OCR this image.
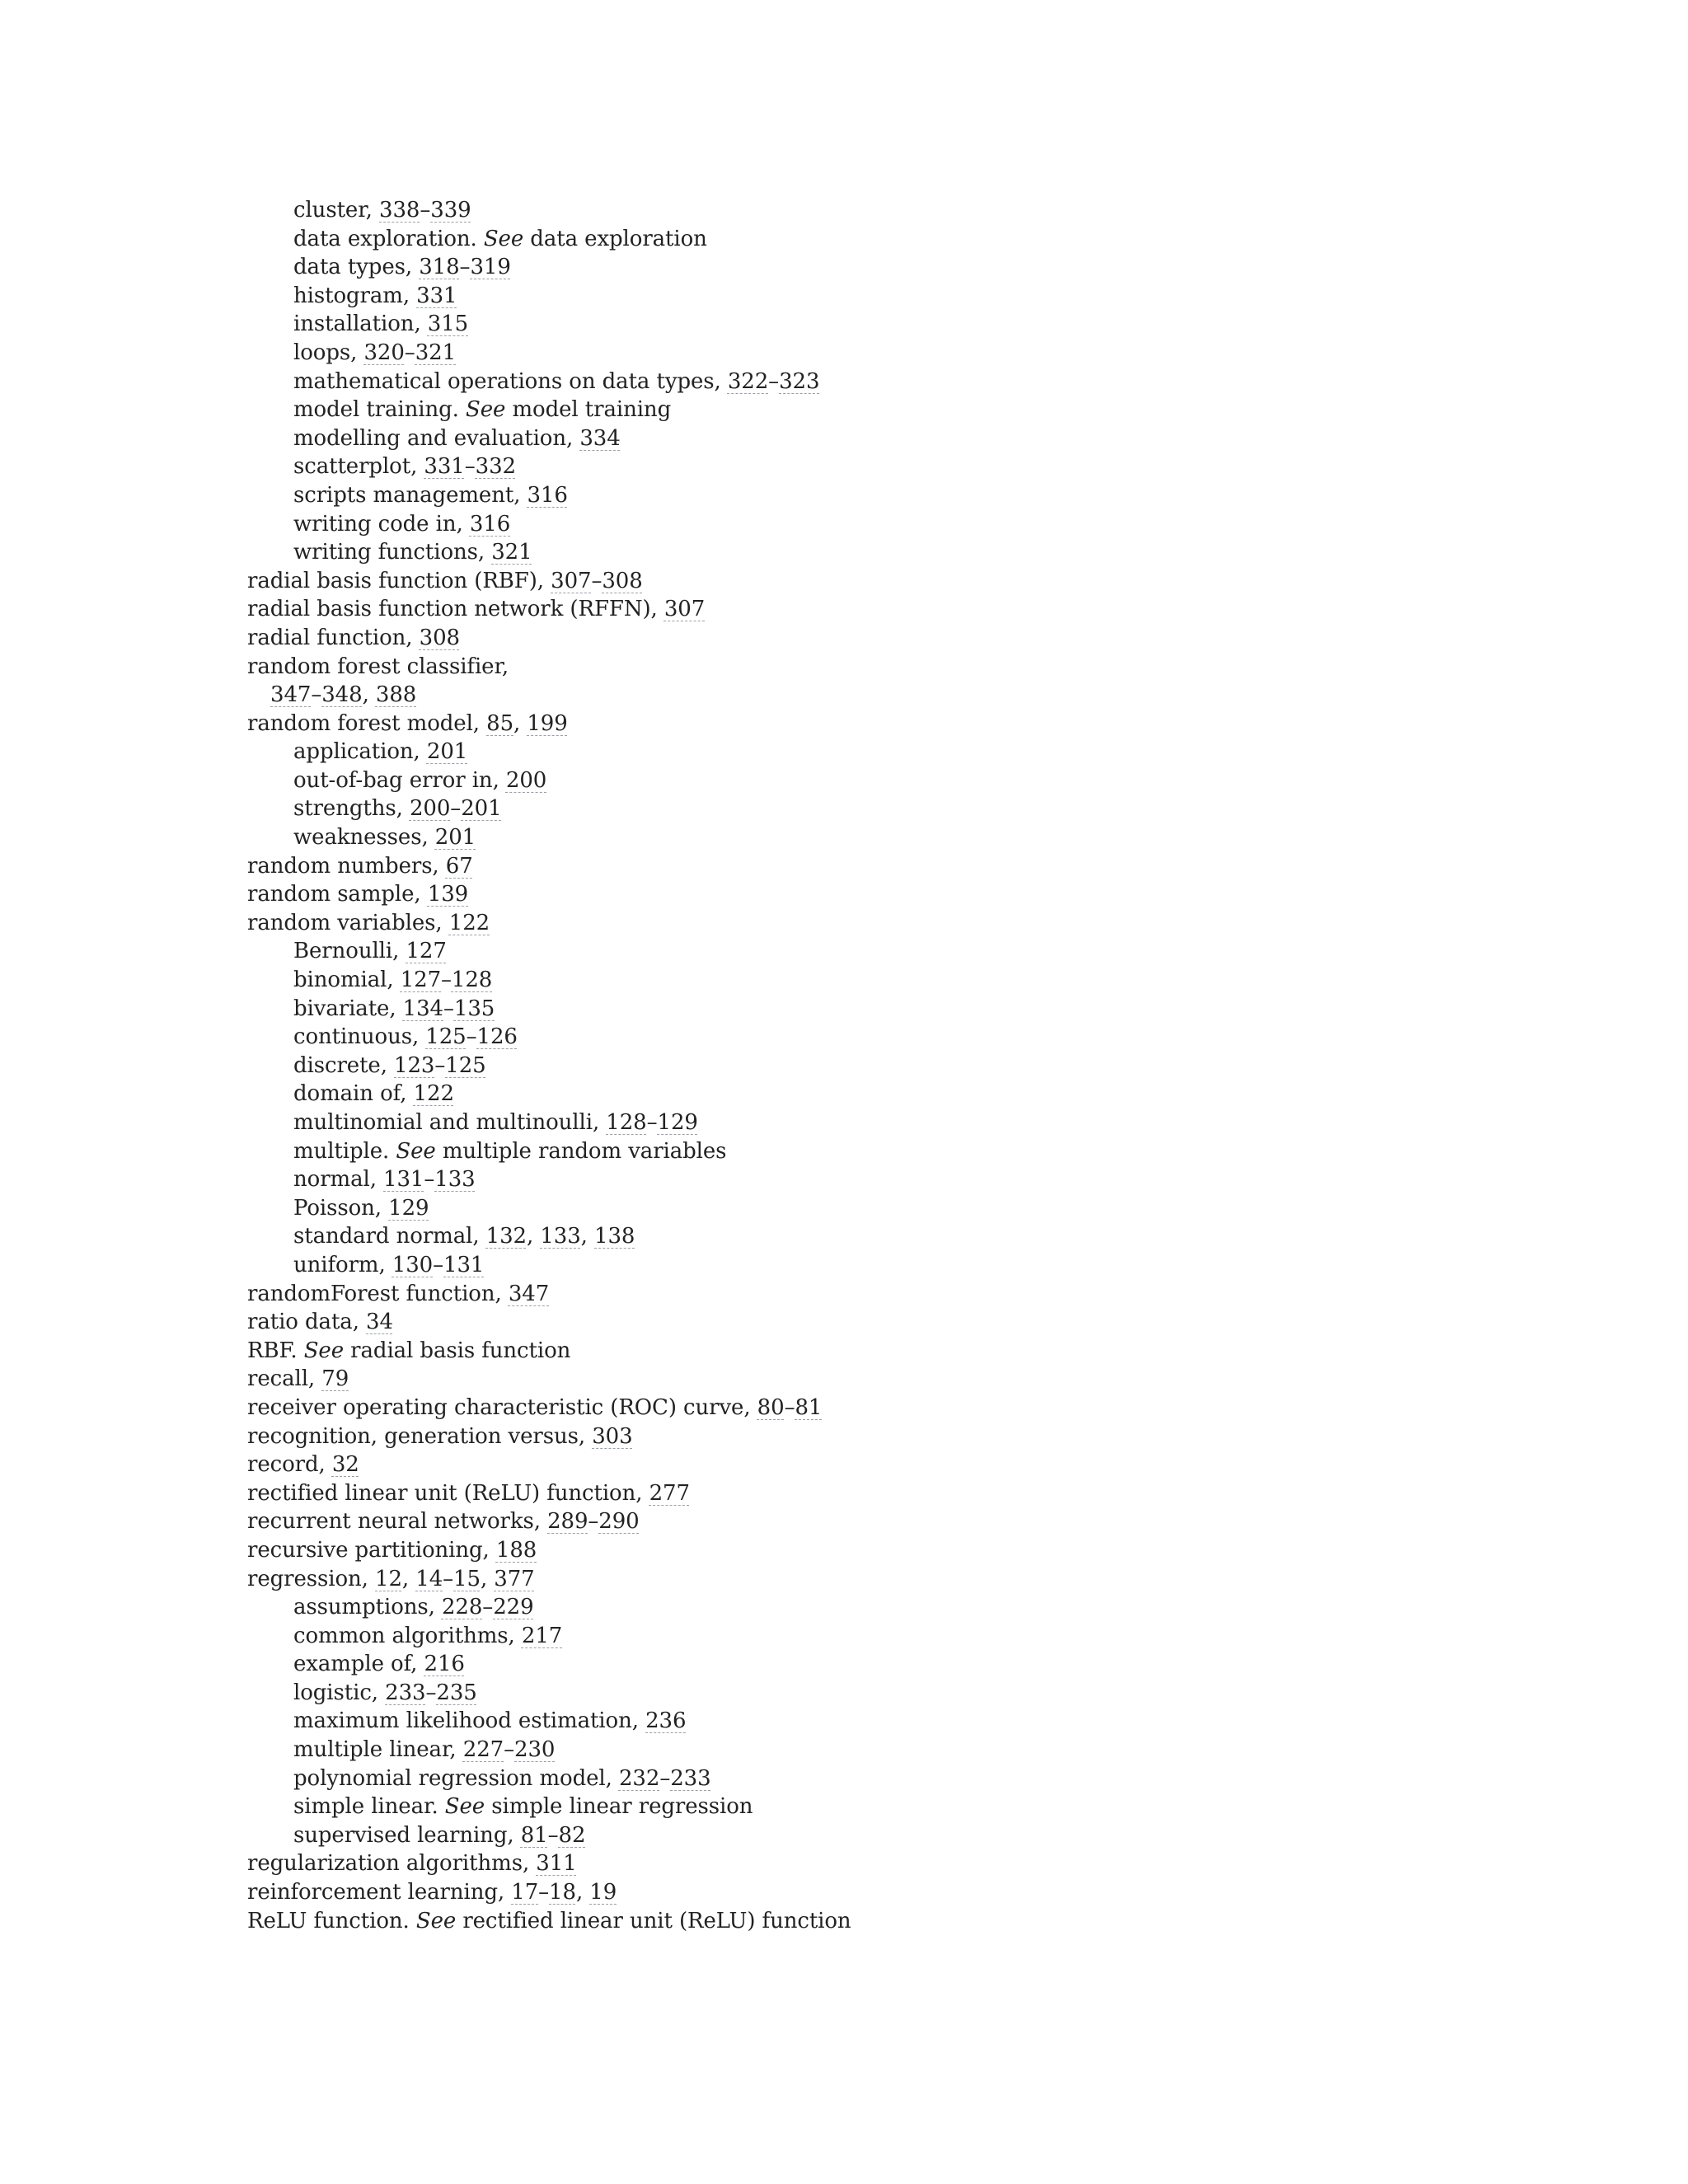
cluster, 338–339
data exploration. See data exploration
data types, 318–319
histogram, 331
installation, 315
loops, 320–321
mathematical operations on data types, 322–323
model training. See model training
modelling and evaluation, 334
scatterplot, 331–332
scripts management, 316
writing code in, 316
writing functions, 321
radial basis function (RBF), 307–308
radial basis function network (RFFN), 307
radial function, 308
random forest classifier,
347–348, 388
random forest model, 85, 199
application, 201
out-of-bag error in, 200
strengths, 200–201
weaknesses, 201
random numbers, 67
random sample, 139
random variables, 122
Bernoulli, 127
binomial, 127–128
bivariate, 134–135
continuous, 125–126
discrete, 123–125
domain of, 122
multinomial and multinoulli, 128–129
multiple. See multiple random variables
normal, 131–133
Poisson, 129
standard normal, 132, 133, 138
uniform, 130–131
randomForest function, 347
ratio data, 34
RBF. See radial basis function
recall, 79
receiver operating characteristic (ROC) curve, 80–81
recognition, generation versus, 303
record, 32
rectified linear unit (ReLU) function, 277
recurrent neural networks, 289–290
recursive partitioning, 188
regression, 12, 14–15, 377
assumptions, 228–229
common algorithms, 217
example of, 216
logistic, 233–235
maximum likelihood estimation, 236
multiple linear, 227–230
polynomial regression model, 232–233
simple linear. See simple linear regression
supervised learning, 81–82
regularization algorithms, 311
reinforcement learning, 17–18, 19
ReLU function. See rectified linear unit (ReLU) function
